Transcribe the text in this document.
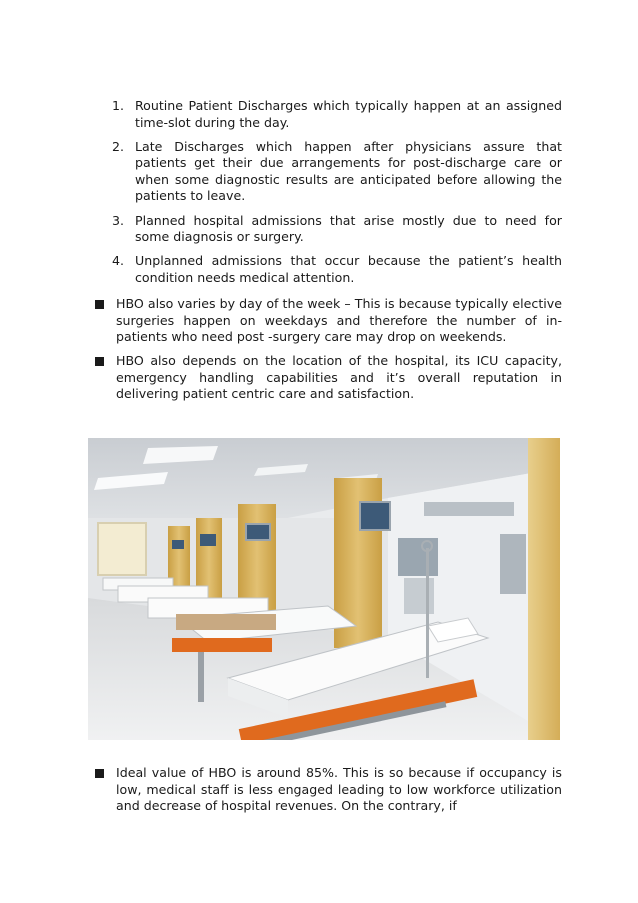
1. Routine Patient Discharges which typically happen at an assigned time-slot during the day.
2. Late Discharges which happen after physicians assure that patients get their due arrangements for post-discharge care or when some diagnostic results are anticipated before allowing the patients to leave.
3. Planned hospital admissions that arise mostly due to need for some diagnosis or surgery.
4. Unplanned admissions that occur because the patient’s health condition needs medical attention.
HBO also varies by day of the week – This is because typically elective surgeries happen on weekdays and therefore the number of in- patients who need post -surgery care may drop on weekends.
HBO also depends on the location of the hospital, its ICU capacity, emergency handling capabilities and it’s overall reputation in delivering patient centric care and satisfaction.
Ideal value of HBO is around 85%. This is so because if occupancy is low, medical staff is less engaged leading to low workforce utilization and decrease of hospital revenues. On the contrary, if
